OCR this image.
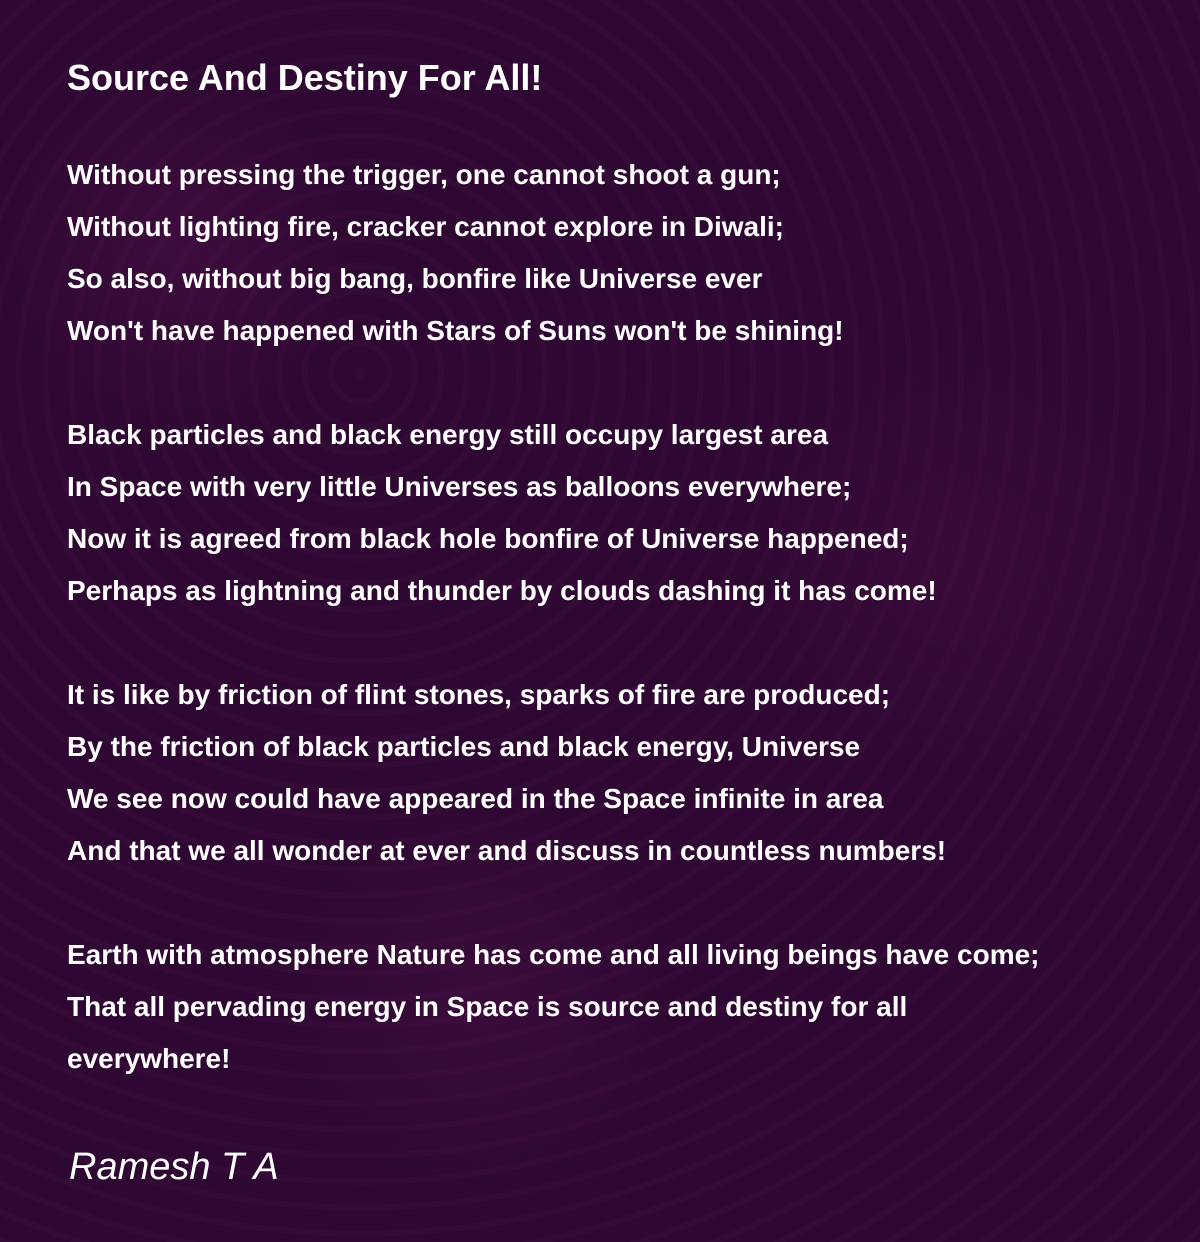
Source And Destiny For All!
Without pressing the trigger, one cannot shoot a gun;
Without lighting fire, cracker cannot explore in Diwali;
So also, without big bang, bonfire like Universe ever
Won't have happened with Stars of Suns won't be shining!
Black particles and black energy still occupy largest area
In Space with very little Universes as balloons everywhere;
Now it is agreed from black hole bonfire of Universe happened;
Perhaps as lightning and thunder by clouds dashing it has come!
It is like by friction of flint stones, sparks of fire are produced;
By the friction of black particles and black energy, Universe
We see now could have appeared in the Space infinite in area
And that we all wonder at ever and discuss in countless numbers!
Earth with atmosphere Nature has come and all living beings have come;
That all pervading energy in Space is source and destiny for all
everywhere!
Ramesh T A
